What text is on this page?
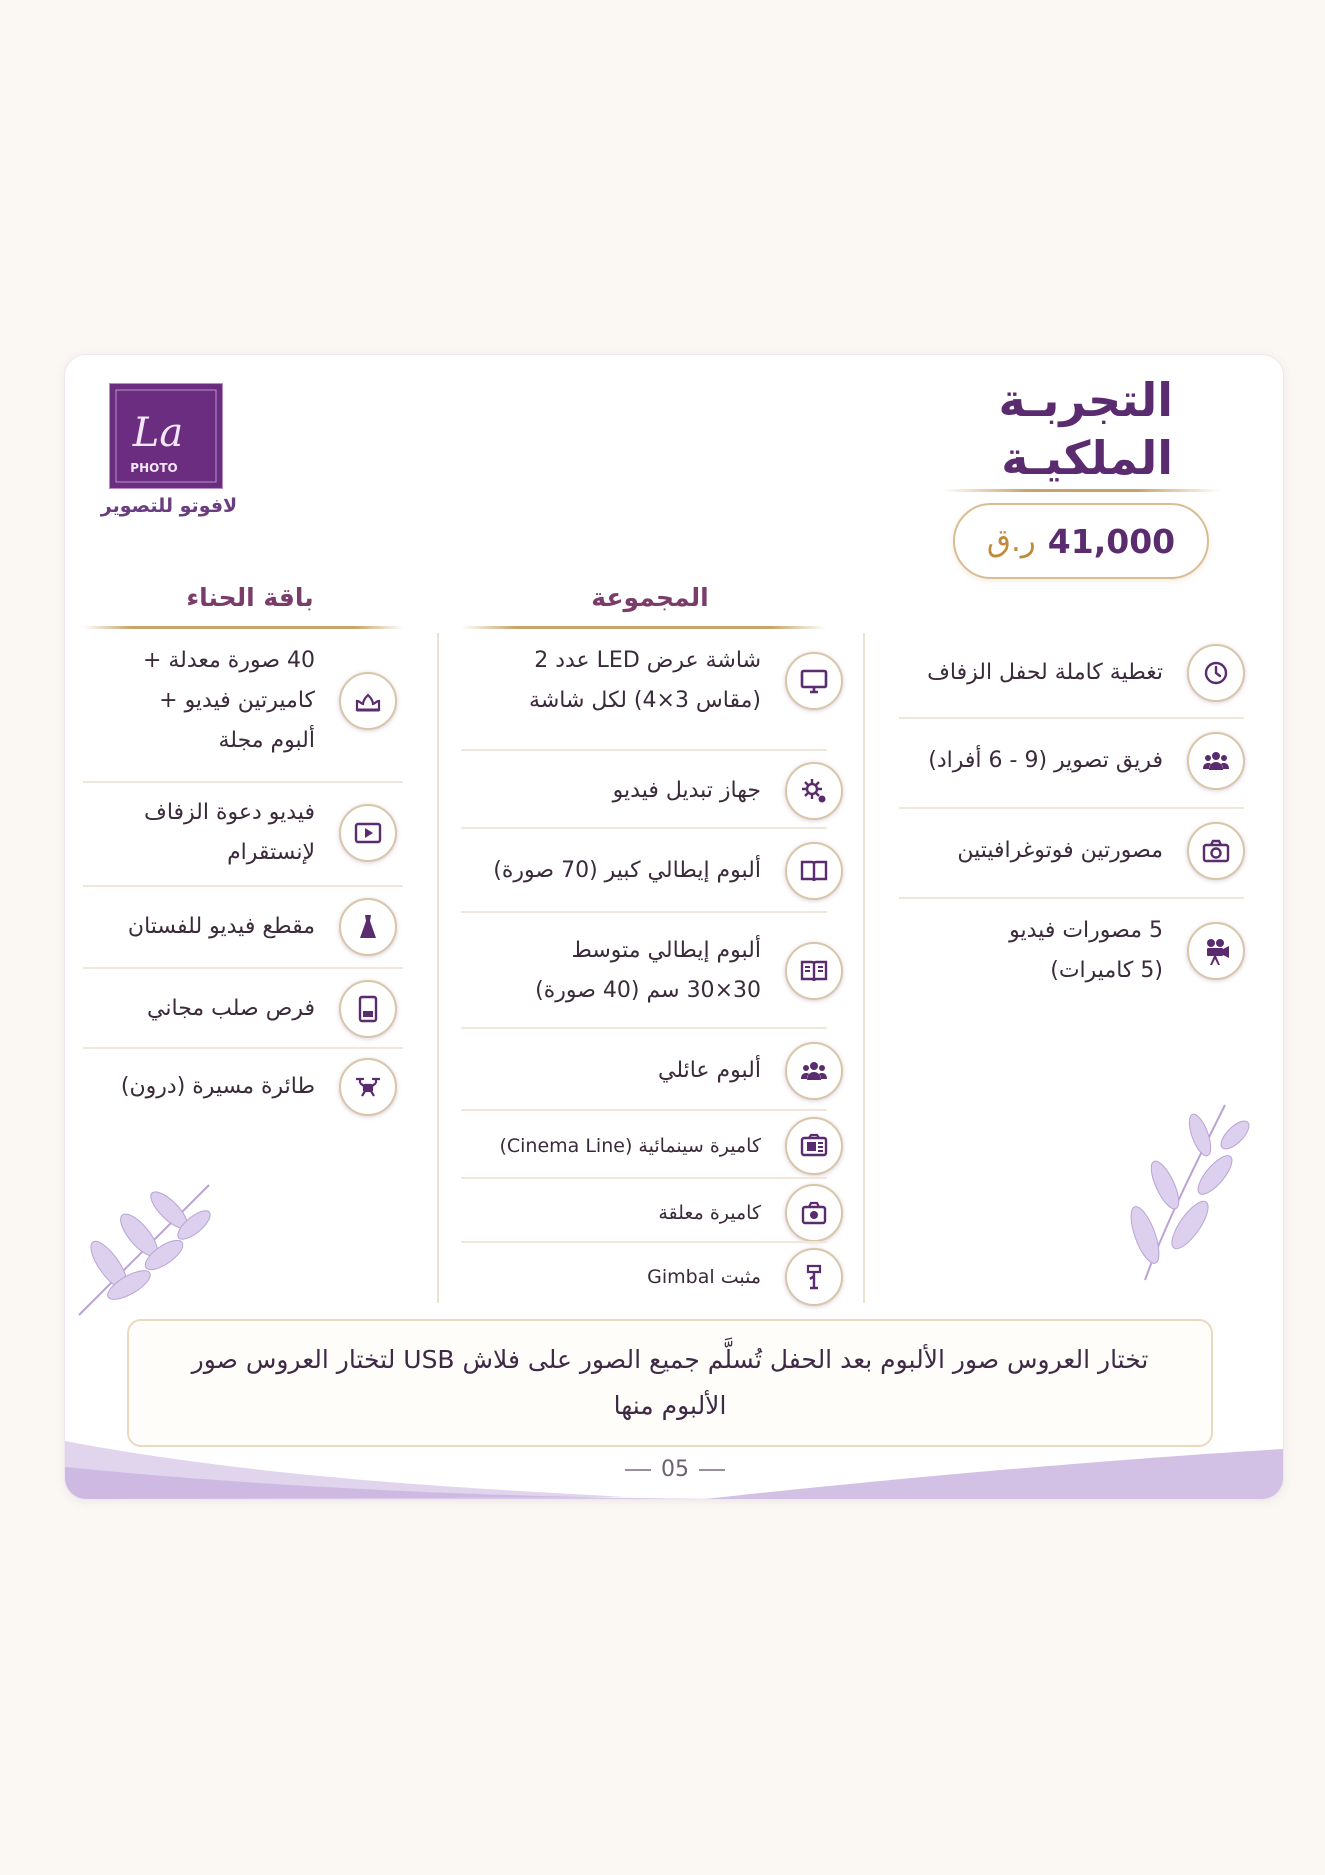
La
PHOTO
لافوتو للتصوير
التجربـة
الملكيـة
41,000
ر.ق
المجموعة
باقة الحناء
تغطية كاملة لحفل الزفاف
فريق تصوير (9 - 6 أفراد)
مصورتين فوتوغرافيتين
5 مصورات فيديو
(5 كاميرات)
شاشة عرض LED عدد 2
(مقاس 3×4) لكل شاشة
جهاز تبديل فيديو
ألبوم إيطالي كبير (70 صورة)
ألبوم إيطالي متوسط
30×30 سم (40 صورة)
ألبوم عائلي
كاميرة سينمائية (Cinema Line)
كاميرة معلقة
مثبت Gimbal
40 صورة معدلة +
كاميرتين فيديو +
ألبوم مجلة
فيديو دعوة الزفاف
لإنستقرام
مقطع فيديو للفستان
فرص صلب مجاني
طائرة مسيرة (درون)
تختار العروس صور الألبوم بعد الحفل تُسلَّم جميع الصور على فلاش USB لتختار العروس صور الألبوم منها
05
